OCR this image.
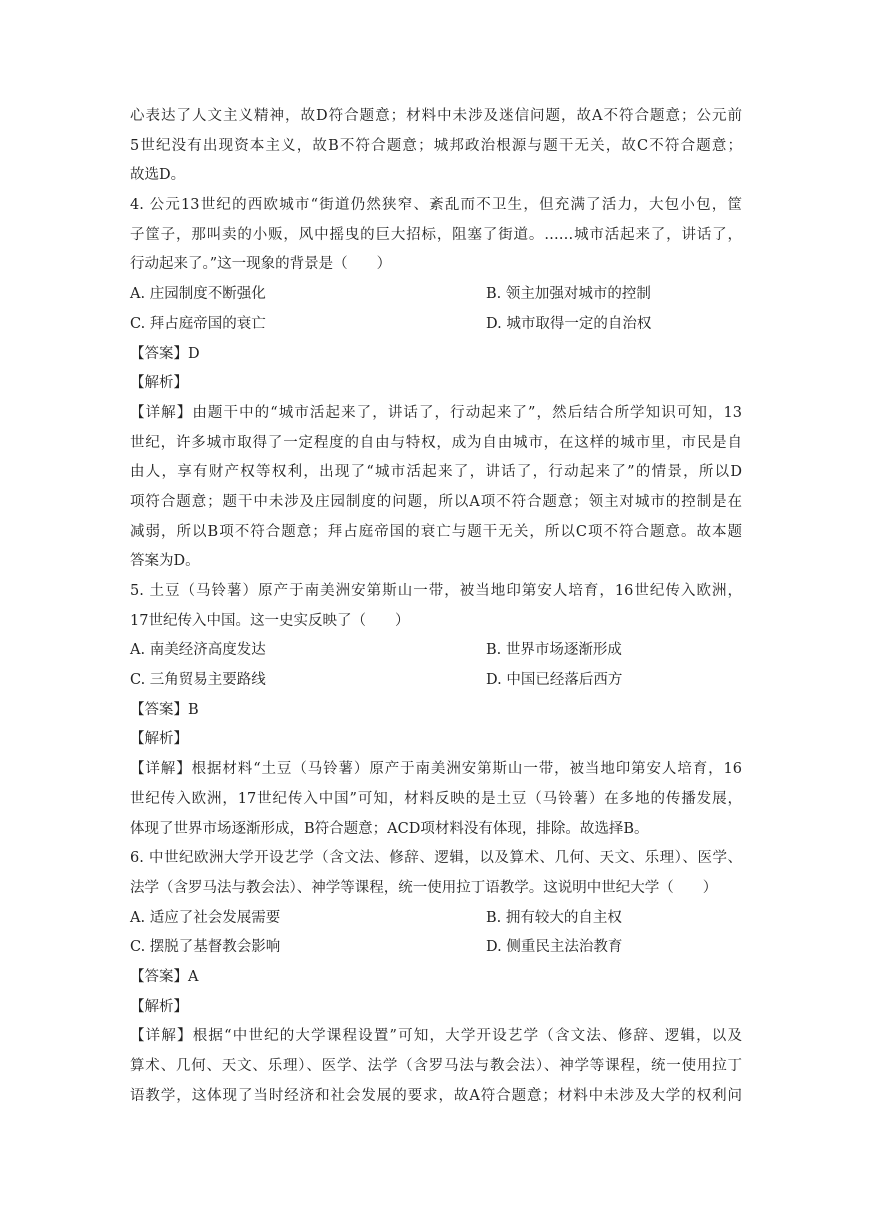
心表达了人文主义精神，故D符合题意；材料中未涉及迷信问题，故A不符合题意；公元前
5世纪没有出现资本主义，故B不符合题意；城邦政治根源与题干无关，故C不符合题意；
故选D。
4. 公元13世纪的西欧城市“街道仍然狭窄、紊乱而不卫生，但充满了活力，大包小包，筐
子筐子，那叫卖的小贩，风中摇曳的巨大招标，阻塞了街道。……城市活起来了，讲话了，
行动起来了。”这一现象的背景是（　　）
A. 庄园制度不断强化	B. 领主加强对城市的控制
C. 拜占庭帝国的衰亡	D. 城市取得一定的自治权
【答案】D
【解析】
【详解】由题干中的“城市活起来了，讲话了，行动起来了”，然后结合所学知识可知，13
世纪，许多城市取得了一定程度的自由与特权，成为自由城市，在这样的城市里，市民是自
由人，享有财产权等权利，出现了“城市活起来了，讲话了，行动起来了”的情景，所以D
项符合题意；题干中未涉及庄园制度的问题，所以A项不符合题意；领主对城市的控制是在
减弱，所以B项不符合题意；拜占庭帝国的衰亡与题干无关，所以C项不符合题意。故本题
答案为D。
5. 土豆（马铃薯）原产于南美洲安第斯山一带，被当地印第安人培育，16世纪传入欧洲，
17世纪传入中国。这一史实反映了（　　）
A. 南美经济高度发达	B. 世界市场逐渐形成
C. 三角贸易主要路线	D. 中国已经落后西方
【答案】B
【解析】
【详解】根据材料“土豆（马铃薯）原产于南美洲安第斯山一带，被当地印第安人培育，16
世纪传入欧洲，17世纪传入中国”可知，材料反映的是土豆（马铃薯）在多地的传播发展，
体现了世界市场逐渐形成，B符合题意；ACD项材料没有体现，排除。故选择B。
6. 中世纪欧洲大学开设艺学（含文法、修辞、逻辑，以及算术、几何、天文、乐理）、医学、
法学（含罗马法与教会法）、神学等课程，统一使用拉丁语教学。这说明中世纪大学（　　）
A. 适应了社会发展需要	B. 拥有较大的自主权
C. 摆脱了基督教会影响	D. 侧重民主法治教育
【答案】A
【解析】
【详解】根据“中世纪的大学课程设置”可知，大学开设艺学（含文法、修辞、逻辑，以及
算术、几何、天文、乐理）、医学、法学（含罗马法与教会法）、神学等课程，统一使用拉丁
语教学，这体现了当时经济和社会发展的要求，故A符合题意；材料中未涉及大学的权利问
